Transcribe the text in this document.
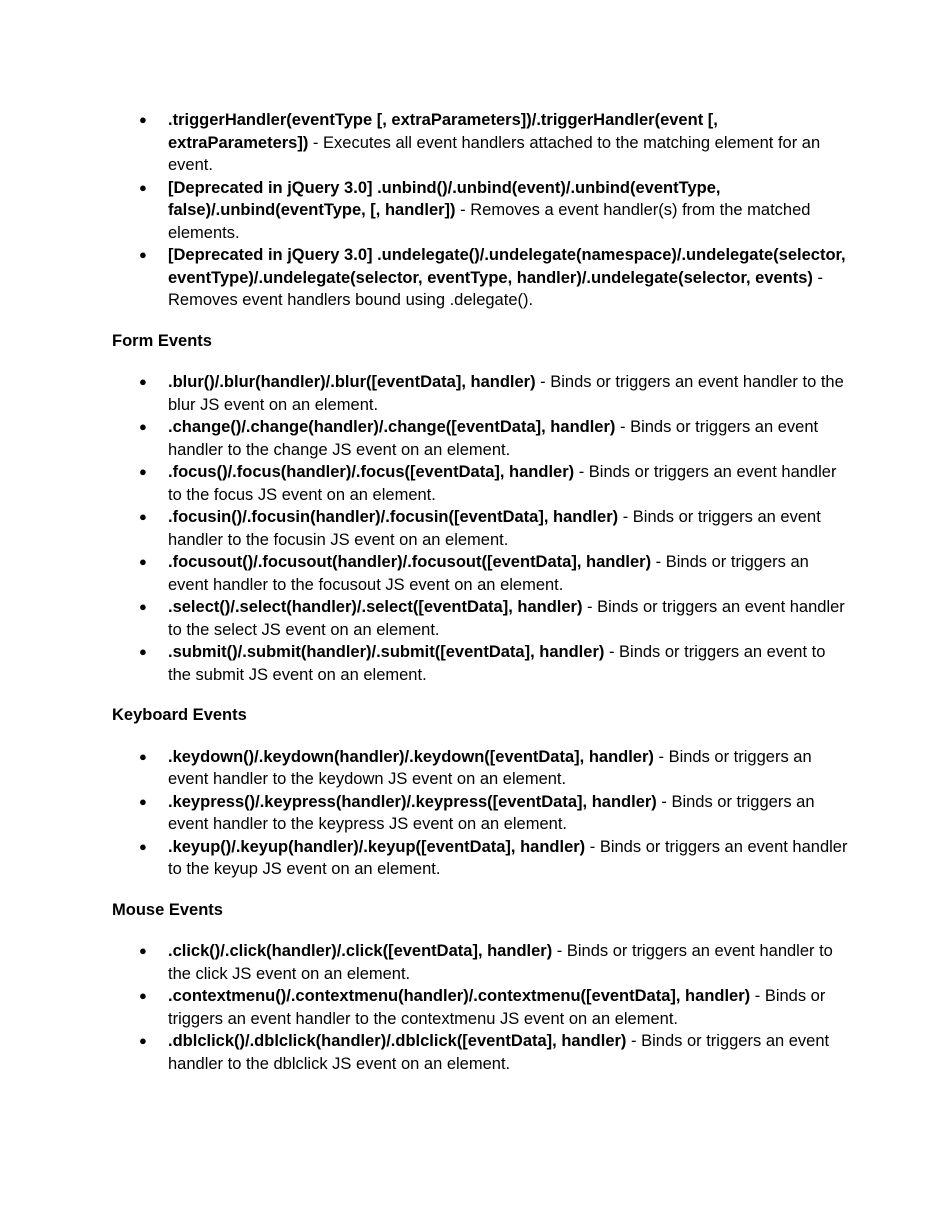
● .triggerHandler(eventType [, extraParameters])/.triggerHandler(event [, extraParameters]) - Executes all event handlers attached to the matching element for an event.
● [Deprecated in jQuery 3.0] .unbind()/.unbind(event)/.unbind(eventType, false)/.unbind(eventType, [, handler]) - Removes a event handler(s) from the matched elements.
● [Deprecated in jQuery 3.0] .undelegate()/.undelegate(namespace)/.undelegate(selector, eventType)/.undelegate(selector, eventType, handler)/.undelegate(selector, events) - Removes event handlers bound using .delegate().
Form Events
● .blur()/.blur(handler)/.blur([eventData], handler) - Binds or triggers an event handler to the blur JS event on an element.
● .change()/.change(handler)/.change([eventData], handler) - Binds or triggers an event handler to the change JS event on an element.
● .focus()/.focus(handler)/.focus([eventData], handler) - Binds or triggers an event handler to the focus JS event on an element.
● .focusin()/.focusin(handler)/.focusin([eventData], handler) - Binds or triggers an event handler to the focusin JS event on an element.
● .focusout()/.focusout(handler)/.focusout([eventData], handler) - Binds or triggers an event handler to the focusout JS event on an element.
● .select()/.select(handler)/.select([eventData], handler) - Binds or triggers an event handler to the select JS event on an element.
● .submit()/.submit(handler)/.submit([eventData], handler) - Binds or triggers an event to the submit JS event on an element.
Keyboard Events
● .keydown()/.keydown(handler)/.keydown([eventData], handler) - Binds or triggers an event handler to the keydown JS event on an element.
● .keypress()/.keypress(handler)/.keypress([eventData], handler) - Binds or triggers an event handler to the keypress JS event on an element.
● .keyup()/.keyup(handler)/.keyup([eventData], handler) - Binds or triggers an event handler to the keyup JS event on an element.
Mouse Events
● .click()/.click(handler)/.click([eventData], handler) - Binds or triggers an event handler to the click JS event on an element.
● .contextmenu()/.contextmenu(handler)/.contextmenu([eventData], handler) - Binds or triggers an event handler to the contextmenu JS event on an element.
● .dblclick()/.dblclick(handler)/.dblclick([eventData], handler) - Binds or triggers an event handler to the dblclick JS event on an element.
